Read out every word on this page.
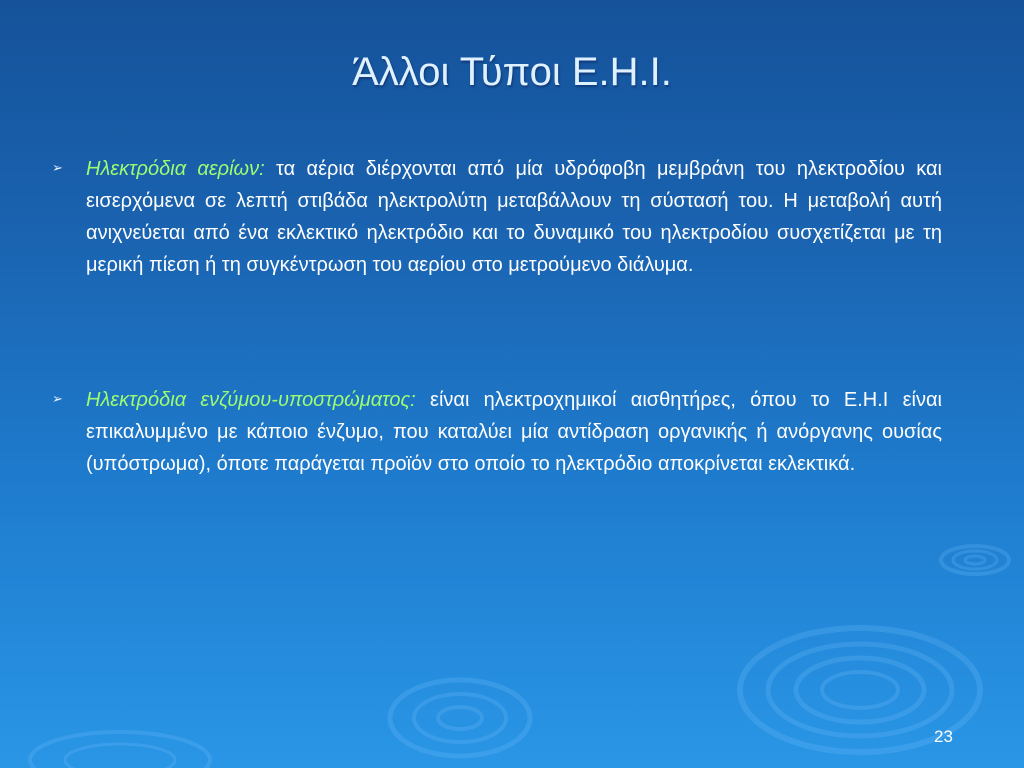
Άλλοι Τύποι Ε.Η.Ι.
➢ Ηλεκτρόδια αερίων: τα αέρια διέρχονται από μία υδρόφοβη μεμβράνη του ηλεκτροδίου και εισερχόμενα σε λεπτή στιβάδα ηλεκτρολύτη μεταβάλλουν τη σύστασή του. Η μεταβολή αυτή ανιχνεύεται από ένα εκλεκτικό ηλεκτρόδιο και το δυναμικό του ηλεκτροδίου συσχετίζεται με τη μερική πίεση ή τη συγκέντρωση του αερίου στο μετρούμενο διάλυμα.
➢ Ηλεκτρόδια ενζύμου-υποστρώματος: είναι ηλεκτροχημικοί αισθητήρες, όπου το Ε.Η.Ι είναι επικαλυμμένο με κάποιο ένζυμο, που καταλύει μία αντίδραση οργανικής ή ανόργανης ουσίας (υπόστρωμα), όποτε παράγεται προϊόν στο οποίο το ηλεκτρόδιο αποκρίνεται εκλεκτικά.
23
